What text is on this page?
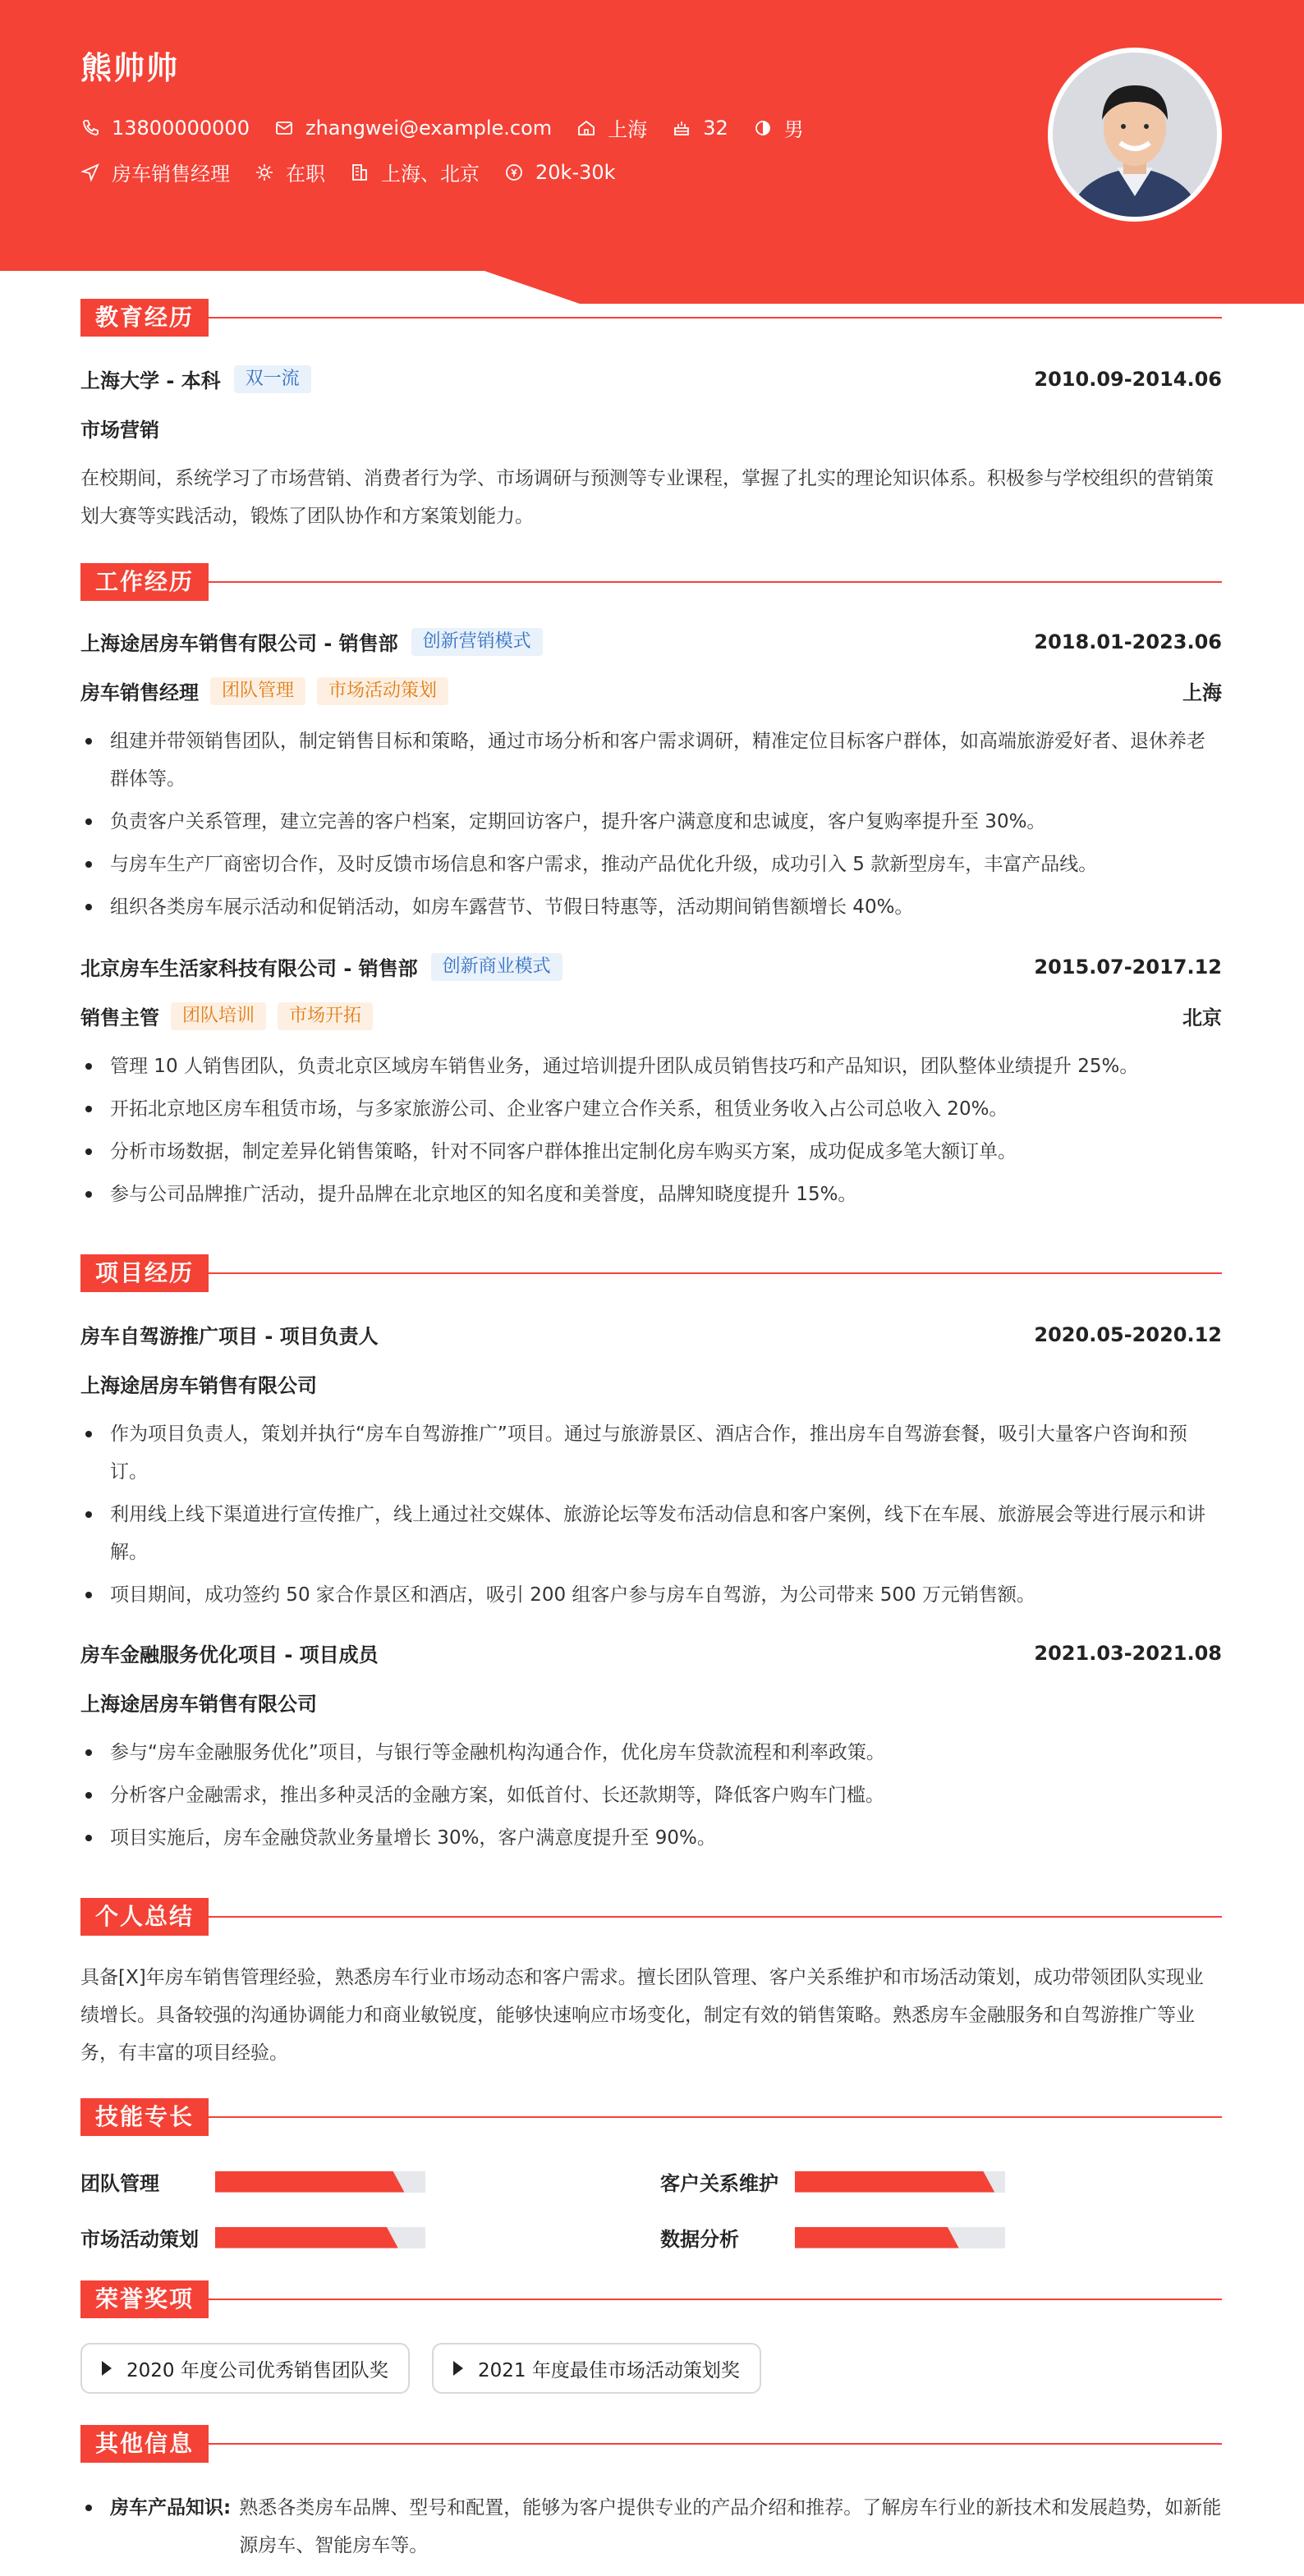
熊帅帅
13800000000	zhangwei@example.com	上海	32	男
房车销售经理	在职	上海、北京	20k-30k
教育经历
上海大学 - 本科	双一流	2010.09-2014.06
市场营销
在校期间，系统学习了市场营销、消费者行为学、市场调研与预测等专业课程，掌握了扎实的理论知识体系。积极参与学校组织的营销策划大赛等实践活动，锻炼了团队协作和方案策划能力。
工作经历
上海途居房车销售有限公司 - 销售部	创新营销模式	2018.01-2023.06
房车销售经理	团队管理	市场活动策划	上海
组建并带领销售团队，制定销售目标和策略，通过市场分析和客户需求调研，精准定位目标客户群体，如高端旅游爱好者、退休养老群体等。
负责客户关系管理，建立完善的客户档案，定期回访客户，提升客户满意度和忠诚度，客户复购率提升至 30%。
与房车生产厂商密切合作，及时反馈市场信息和客户需求，推动产品优化升级，成功引入 5 款新型房车，丰富产品线。
组织各类房车展示活动和促销活动，如房车露营节、节假日特惠等，活动期间销售额增长 40%。
北京房车生活家科技有限公司 - 销售部	创新商业模式	2015.07-2017.12
销售主管	团队培训	市场开拓	北京
管理 10 人销售团队，负责北京区域房车销售业务，通过培训提升团队成员销售技巧和产品知识，团队整体业绩提升 25%。
开拓北京地区房车租赁市场，与多家旅游公司、企业客户建立合作关系，租赁业务收入占公司总收入 20%。
分析市场数据，制定差异化销售策略，针对不同客户群体推出定制化房车购买方案，成功促成多笔大额订单。
参与公司品牌推广活动，提升品牌在北京地区的知名度和美誉度，品牌知晓度提升 15%。
项目经历
房车自驾游推广项目 - 项目负责人	2020.05-2020.12
上海途居房车销售有限公司
作为项目负责人，策划并执行“房车自驾游推广”项目。通过与旅游景区、酒店合作，推出房车自驾游套餐，吸引大量客户咨询和预订。
利用线上线下渠道进行宣传推广，线上通过社交媒体、旅游论坛等发布活动信息和客户案例，线下在车展、旅游展会等进行展示和讲解。
项目期间，成功签约 50 家合作景区和酒店，吸引 200 组客户参与房车自驾游，为公司带来 500 万元销售额。
房车金融服务优化项目 - 项目成员	2021.03-2021.08
上海途居房车销售有限公司
参与“房车金融服务优化”项目，与银行等金融机构沟通合作，优化房车贷款流程和利率政策。
分析客户金融需求，推出多种灵活的金融方案，如低首付、长还款期等，降低客户购车门槛。
项目实施后，房车金融贷款业务量增长 30%，客户满意度提升至 90%。
个人总结
具备[X]年房车销售管理经验，熟悉房车行业市场动态和客户需求。擅长团队管理、客户关系维护和市场活动策划，成功带领团队实现业绩增长。具备较强的沟通协调能力和商业敏锐度，能够快速响应市场变化，制定有效的销售策略。熟悉房车金融服务和自驾游推广等业务，有丰富的项目经验。
技能专长
团队管理	客户关系维护
市场活动策划	数据分析
荣誉奖项
2020 年度公司优秀销售团队奖	2021 年度最佳市场活动策划奖
其他信息
房车产品知识: 熟悉各类房车品牌、型号和配置，能够为客户提供专业的产品介绍和推荐。了解房车行业的新技术和发展趋势，如新能源房车、智能房车等。
